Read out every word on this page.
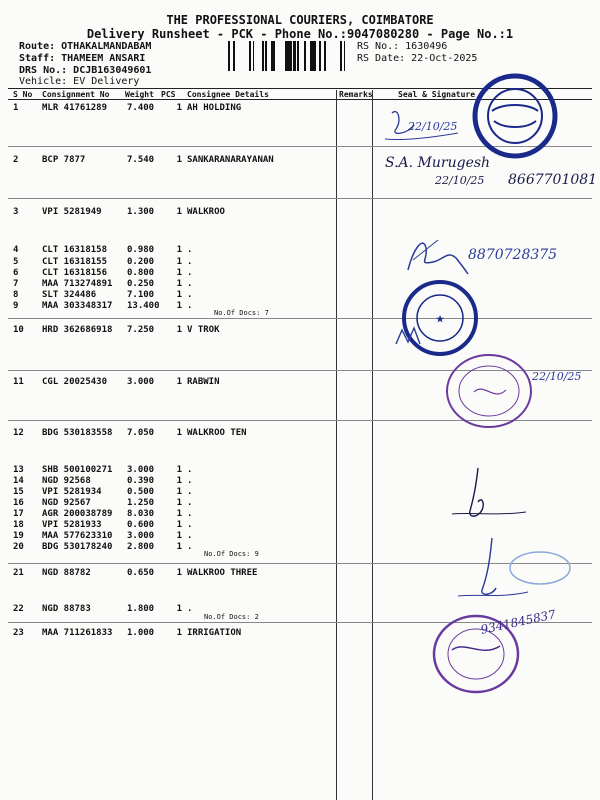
THE PROFESSIONAL COURIERS, COIMBATORE
Delivery Runsheet - PCK - Phone No.:9047080280 - Page No.:1
Route: OTHAKALMANDABAM
Staff: THAMEEM ANSARI
DRS No.: DCJB163049601
Vehicle: EV Delivery
RS No.: 1630496
RS Date: 22-Oct-2025
S No Consignment No Weight PCS Consignee Details	Remarks	Seal & Signature
1	MLR 41761289 7.400	1 AH HOLDING
2	BCP 7877	7.540	1 SANKARANARAYANAN
3	VPI 5281949	1.300	1 WALKROO
4	CLT 16318158 0.980	1 .
5	CLT 16318155 0.200	1 .
6	CLT 16318156 0.800	1 .
7	MAA 713274891 0.250	1 .
8	SLT 324486	7.100	1 .
9	MAA 303348317 13.400	1 .
10 HRD 362686918 7.250	1 V TROK
11 CGL 20025430 3.000	1 RABWIN
12 BDG 530183558 7.050	1 WALKROO TEN
13 SHB 500100271 3.000	1 .
14 NGD 92568	0.390	1 .
15 VPI 5281934	0.500	1 .
16 NGD 92567	1.250	1 .
17 AGR 200038789 8.030	1 .
18 VPI 5281933	0.600	1 .
19 MAA 577623310 3.000	1 .
20 BDG 530178240 2.800	1 .
21 NGD 88782	0.650	1 WALKROO THREE
22 NGD 88783	1.800	1 .
23 MAA 711261833 1.000	1 IRRIGATION
No.Of Docs: 7
No.Of Docs: 9
No.Of Docs: 2
22/10/25
S.A. Murugesh
22/10/25 8667701081
8870728375
★
22/10/25
9341845837
